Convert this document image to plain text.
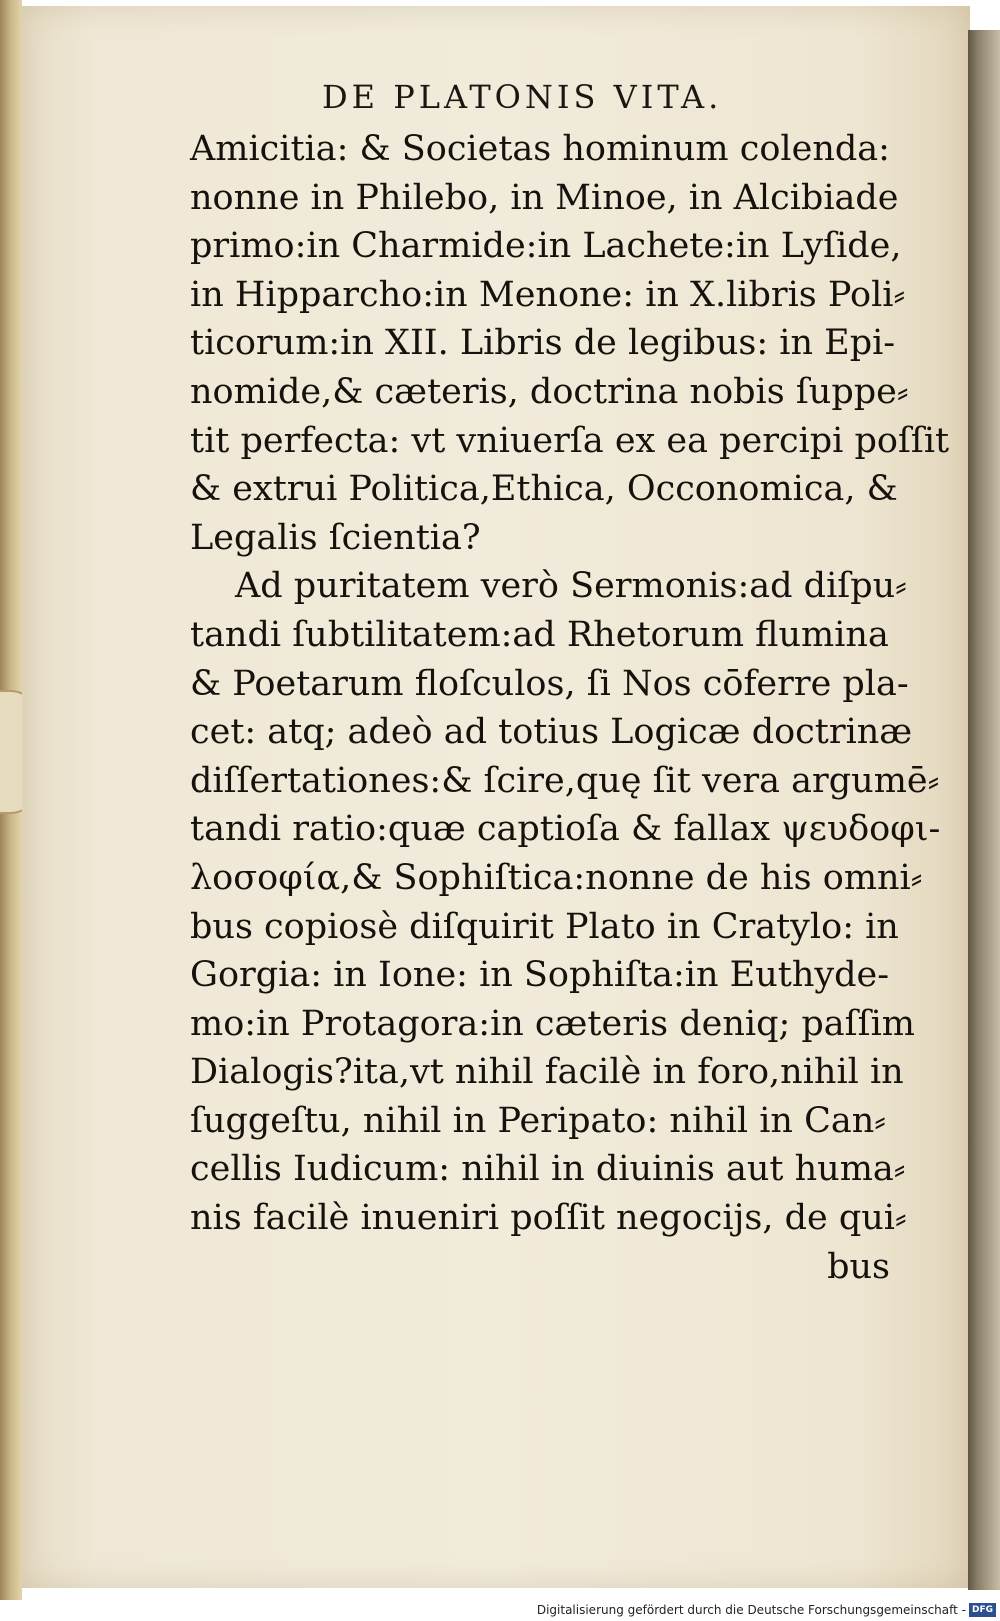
DE PLATONIS VITA.
Amicitia: & Societas hominum colenda:
nonne in Philebo, in Minoe, in Alcibiade
primo:in Charmide:in Lachete:in Lyſide,
in Hipparcho:in Menone: in X.libris Poli⸗
ticorum:in XII. Libris de legibus: in Epi-
nomide,& cæteris, doctrina nobis ſuppe⸗
tit perfecta: vt vniuerſa ex ea percipi poſſit
& extrui Politica,Ethica, Occonomica, &
Legalis ſcientia?
Ad puritatem verò Sermonis:ad diſpu⸗
tandi ſubtilitatem:ad Rhetorum flumina
& Poetarum floſculos, ſi Nos cōferre pla-
cet: atq; adeò ad totius Logicæ doctrinæ
diſſertationes:& ſcire,quę ſit vera argumē⸗
tandi ratio:quæ captioſa & fallax ψευδοφι-
λοσοφία,& Sophiſtica:nonne de his omni⸗
bus copiosè diſquirit Plato in Cratylo: in
Gorgia: in Ione: in Sophiſta:in Euthyde-
mo:in Protagora:in cæteris deniq; paſſim
Dialogis?ita,vt nihil facilè in foro,nihil in
ſuggeſtu, nihil in Peripato: nihil in Can⸗
cellis Iudicum: nihil in diuinis aut huma⸗
nis facilè inueniri poſſit negocijs, de qui⸗
bus
Digitalisierung gefördert durch die Deutsche Forschungsgemeinschaft - DFG
